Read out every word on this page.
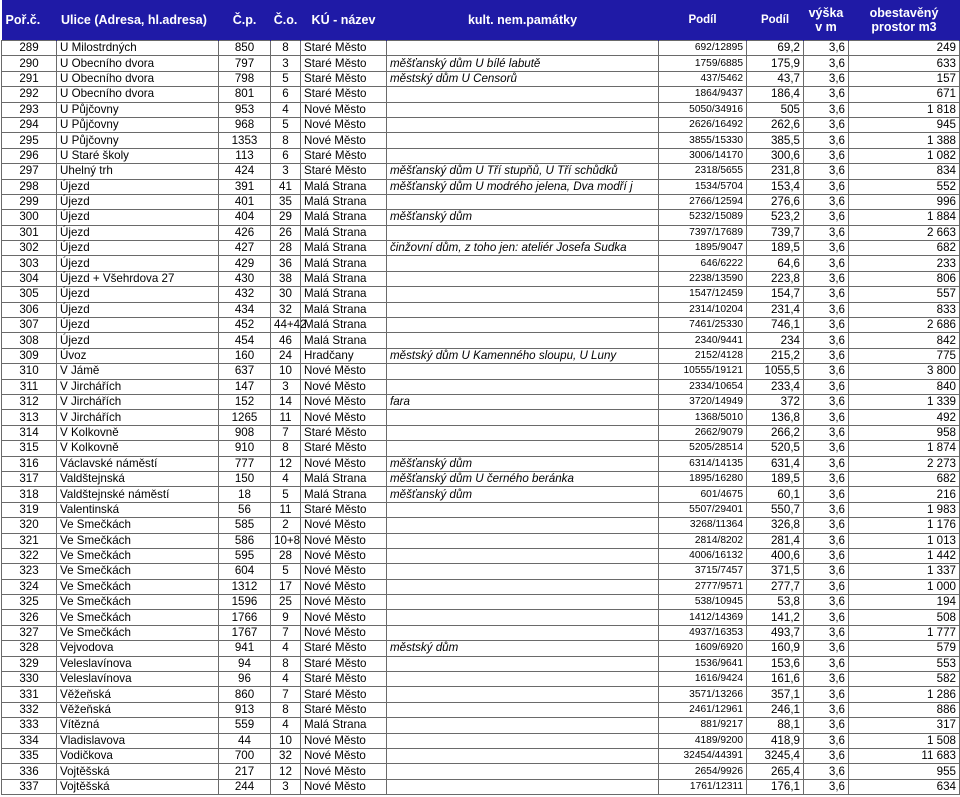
Poř.č.	Ulice (Adresa, hl.adresa)	Č.p.	Č.o.	KÚ - název	kult. nem.památky	Podíl	Podíl	výška v m	obestavěný prostor m3
289	U Milostrdných	850	8	Staré Město		692/12895	69,2	3,6	249
290	U Obecního dvora	797	3	Staré Město	měšťanský dům U bílé labutě	1759/6885	175,9	3,6	633
291	U Obecního dvora	798	5	Staré Město	městský dům U Censorů	437/5462	43,7	3,6	157
292	U Obecního dvora	801	6	Staré Město		1864/9437	186,4	3,6	671
293	U Půjčovny	953	4	Nové Město		5050/34916	505	3,6	1 818
294	U Půjčovny	968	5	Nové Město		2626/16492	262,6	3,6	945
295	U Půjčovny	1353	8	Nové Město		3855/15330	385,5	3,6	1 388
296	U Staré školy	113	6	Staré Město		3006/14170	300,6	3,6	1 082
297	Uhelný trh	424	3	Staré Město	měšťanský dům U Tří stupňů, U Tří schůdků	2318/5655	231,8	3,6	834
298	Újezd	391	41	Malá Strana	měšťanský dům U modrého jelena, Dva modří j	1534/5704	153,4	3,6	552
299	Újezd	401	35	Malá Strana		2766/12594	276,6	3,6	996
300	Újezd	404	29	Malá Strana	měšťanský dům	5232/15089	523,2	3,6	1 884
301	Újezd	426	26	Malá Strana		7397/17689	739,7	3,6	2 663
302	Újezd	427	28	Malá Strana	činžovní dům, z toho jen: ateliér Josefa Sudka	1895/9047	189,5	3,6	682
303	Újezd	429	36	Malá Strana		646/6222	64,6	3,6	233
304	Újezd + Všehrdova 27	430	38	Malá Strana		2238/13590	223,8	3,6	806
305	Újezd	432	30	Malá Strana		1547/12459	154,7	3,6	557
306	Újezd	434	32	Malá Strana		2314/10204	231,4	3,6	833
307	Újezd	452	44+42	Malá Strana		7461/25330	746,1	3,6	2 686
308	Újezd	454	46	Malá Strana		2340/9441	234	3,6	842
309	Úvoz	160	24	Hradčany	městský dům U Kamenného sloupu, U Luny	2152/4128	215,2	3,6	775
310	V Jámě	637	10	Nové Město		10555/19121	1055,5	3,6	3 800
311	V Jirchářích	147	3	Nové Město		2334/10654	233,4	3,6	840
312	V Jirchářích	152	14	Nové Město	fara	3720/14949	372	3,6	1 339
313	V Jirchářích	1265	11	Nové Město		1368/5010	136,8	3,6	492
314	V Kolkovně	908	7	Staré Město		2662/9079	266,2	3,6	958
315	V Kolkovně	910	8	Staré Město		5205/28514	520,5	3,6	1 874
316	Václavské náměstí	777	12	Nové Město	měšťanský dům	6314/14135	631,4	3,6	2 273
317	Valdštejnská	150	4	Malá Strana	měšťanský dům U černého beránka	1895/16280	189,5	3,6	682
318	Valdštejnské náměstí	18	5	Malá Strana	měšťanský dům	601/4675	60,1	3,6	216
319	Valentinská	56	11	Staré Město		5507/29401	550,7	3,6	1 983
320	Ve Smečkách	585	2	Nové Město		3268/11364	326,8	3,6	1 176
321	Ve Smečkách	586	10+8	Nové Město		2814/8202	281,4	3,6	1 013
322	Ve Smečkách	595	28	Nové Město		4006/16132	400,6	3,6	1 442
323	Ve Smečkách	604	5	Nové Město		3715/7457	371,5	3,6	1 337
324	Ve Smečkách	1312	17	Nové Město		2777/9571	277,7	3,6	1 000
325	Ve Smečkách	1596	25	Nové Město		538/10945	53,8	3,6	194
326	Ve Smečkách	1766	9	Nové Město		1412/14369	141,2	3,6	508
327	Ve Smečkách	1767	7	Nové Město		4937/16353	493,7	3,6	1 777
328	Vejvodova	941	4	Staré Město	městský dům	1609/6920	160,9	3,6	579
329	Veleslavínova	94	8	Staré Město		1536/9641	153,6	3,6	553
330	Veleslavínova	96	4	Staré Město		1616/9424	161,6	3,6	582
331	Věžeňská	860	7	Staré Město		3571/13266	357,1	3,6	1 286
332	Věžeňská	913	8	Staré Město		2461/12961	246,1	3,6	886
333	Vítězná	559	4	Malá Strana		881/9217	88,1	3,6	317
334	Vladislavova	44	10	Nové Město		4189/9200	418,9	3,6	1 508
335	Vodičkova	700	32	Nové Město		32454/44391	3245,4	3,6	11 683
336	Vojtěšská	217	12	Nové Město		2654/9926	265,4	3,6	955
337	Vojtěšská	244	3	Nové Město		1761/12311	176,1	3,6	634
